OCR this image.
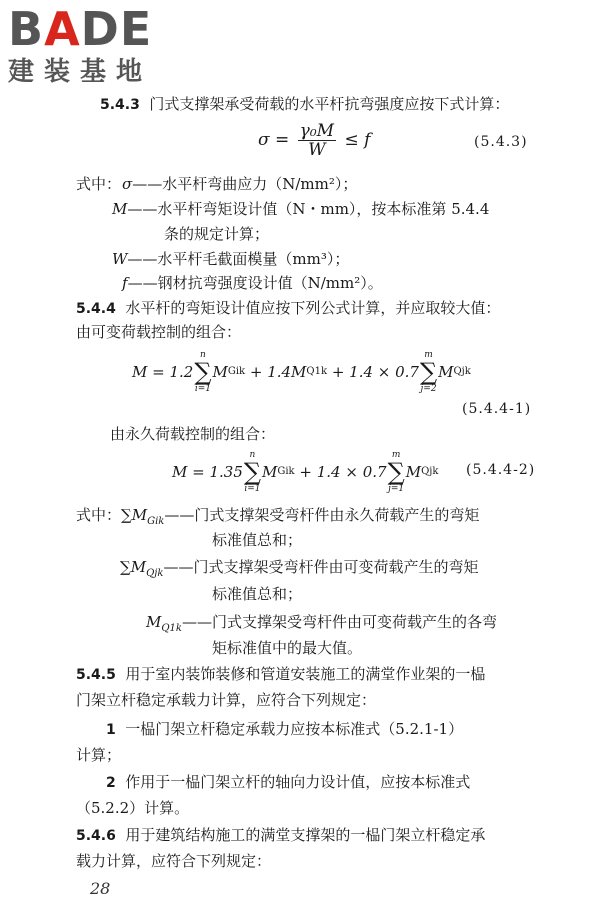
BADE
建装基地
5.4.3 门式支撑架承受荷载的水平杆抗弯强度应按下式计算：
$\sigma = \frac{\text{γ₀M}}{W} \le f$	(5.4.3)
式中： σ——水平杆弯曲应力（N/mm²）；
M——水平杆弯矩设计值（N・mm），按本标准第 5.4.4
条的规定计算；
W——水平杆毛截面模量（mm³）；
f——钢材抗弯强度设计值（N/mm²）。
5.4.4 水平杆的弯矩设计值应按下列公式计算，并应取较大值：
由可变荷载控制的组合：
M = 1.2
n
∑
i=1
M Gik
+ 1.4M Q1k
+ 1.4 × 0.7
m
∑
j=2
M Qjk
(5.4.4-1)
由永久荷载控制的组合：
M = 1.35
n
∑
i=1
M Gik
+ 1.4 × 0.7
m
∑
j=1
M Qjk (5.4.4-2)
式中：$\sum M_{Gik}——$门式支撑架受弯杆件由永久荷载产生的弯矩
标准值总和；
$\sum M_{Qjk}——$门式支撑架受弯杆件由可变荷载产生的弯矩
标准值总和；
$M_{Q1k}——$门式支撑架受弯杆件由可变荷载产生的各弯
矩标准值中的最大值。
5.4.5 用于室内装饰装修和管道安装施工的满堂作业架的一榀
门架立杆稳定承载力计算，应符合下列规定：
1 一榀门架立杆稳定承载力应按本标准式（5.2.1-1）
计算；
2 作用于一榀门架立杆的轴向力设计值，应按本标准式
（5.2.2）计算。
5.4.6 用于建筑结构施工的满堂支撑架的一榀门架立杆稳定承
载力计算，应符合下列规定：
28
